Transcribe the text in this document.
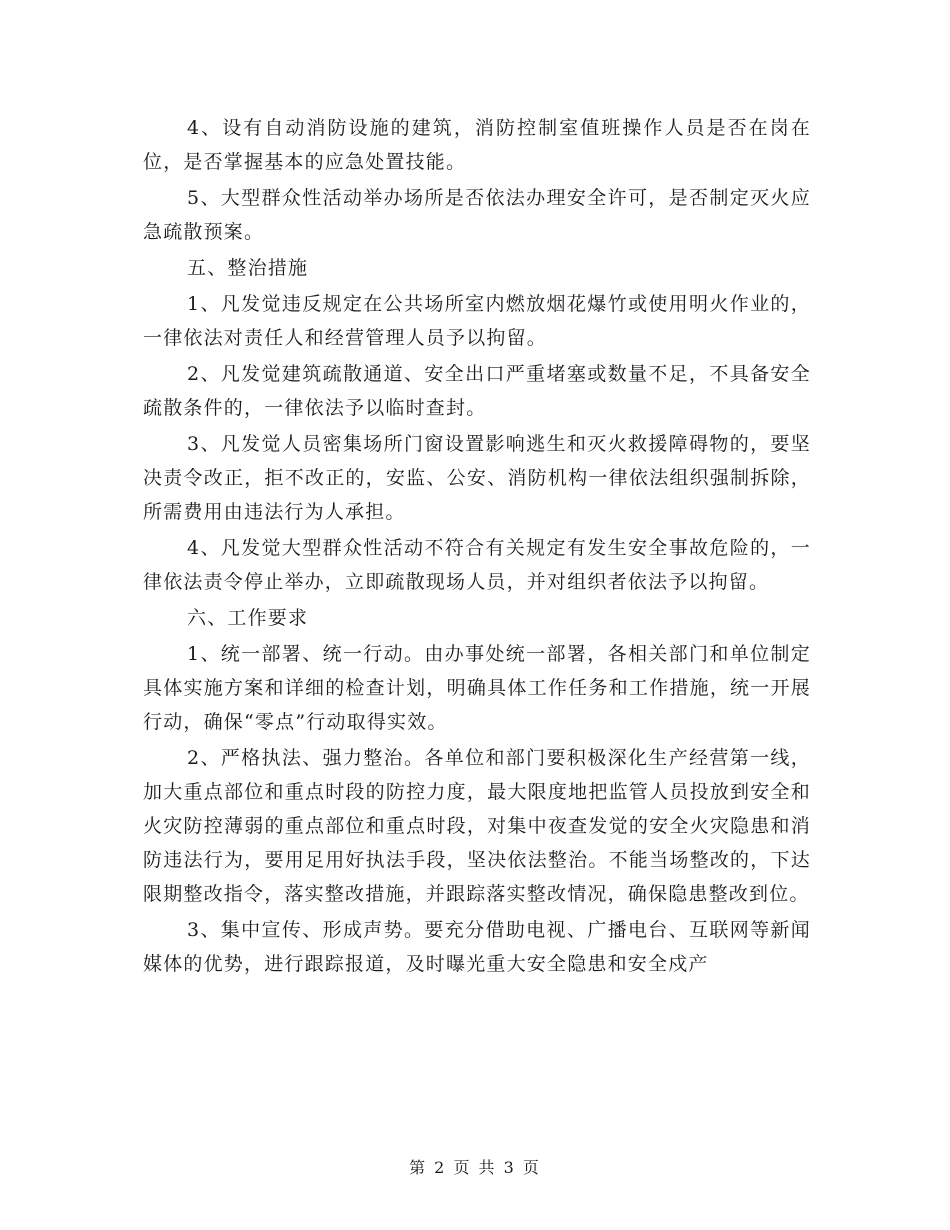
4、设有自动消防设施的建筑，消防控制室值班操作人员是否在岗在位，是否掌握基本的应急处置技能。

5、大型群众性活动举办场所是否依法办理安全许可，是否制定灭火应急疏散预案。

五、整治措施

1、凡发觉违反规定在公共场所室内燃放烟花爆竹或使用明火作业的，一律依法对责任人和经营管理人员予以拘留。

2、凡发觉建筑疏散通道、安全出口严重堵塞或数量不足，不具备安全疏散条件的，一律依法予以临时查封。

3、凡发觉人员密集场所门窗设置影响逃生和灭火救援障碍物的，要坚决责令改正，拒不改正的，安监、公安、消防机构一律依法组织强制拆除，所需费用由违法行为人承担。

4、凡发觉大型群众性活动不符合有关规定有发生安全事故危险的，一律依法责令停止举办，立即疏散现场人员，并对组织者依法予以拘留。

六、工作要求

1、统一部署、统一行动。由办事处统一部署，各相关部门和单位制定具体实施方案和详细的检查计划，明确具体工作任务和工作措施，统一开展行动，确保“零点”行动取得实效。

2、严格执法、强力整治。各单位和部门要积极深化生产经营第一线，加大重点部位和重点时段的防控力度，最大限度地把监管人员投放到安全和火灾防控薄弱的重点部位和重点时段，对集中夜查发觉的安全火灾隐患和消防违法行为，要用足用好执法手段，坚决依法整治。不能当场整改的，下达限期整改指令，落实整改措施，并跟踪落实整改情况，确保隐患整改到位。

3、集中宣传、形成声势。要充分借助电视、广播电台、互联网等新闻媒体的优势，进行跟踪报道，及时曝光重大安全隐患和安全戍产

第 2 页 共 3 页
